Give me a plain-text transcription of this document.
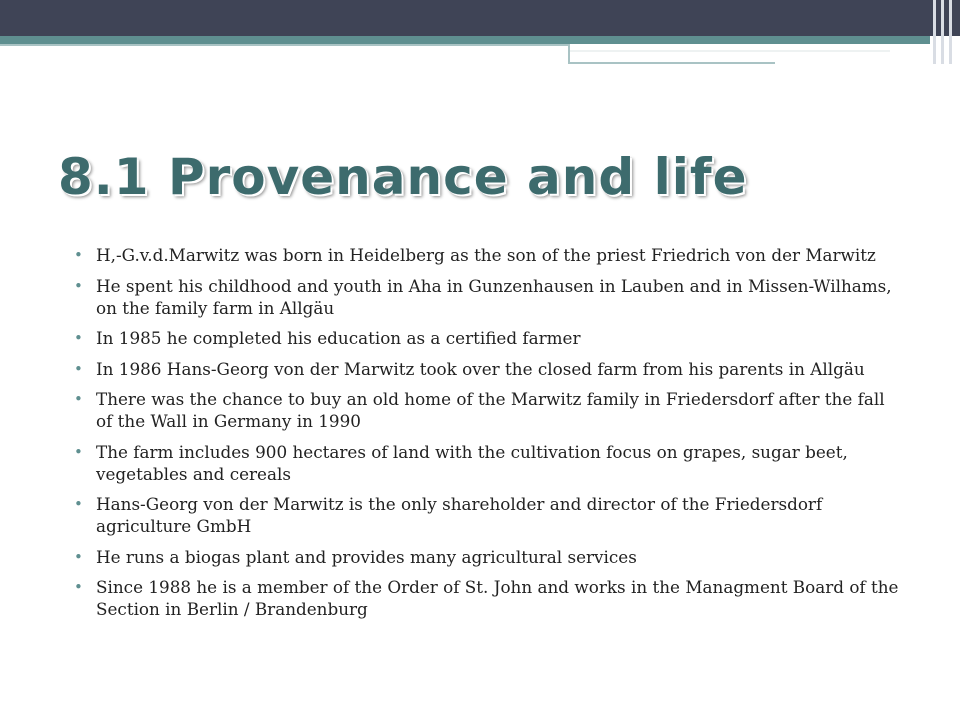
8.1 Provenance and life
• H,-G.v.d.Marwitz was born in Heidelberg as the son of the priest Friedrich von der Marwitz
• He spent his childhood and youth in Aha in Gunzenhausen in Lauben and in Missen-Wilhams, on the family farm in Allgäu
• In 1985 he completed his education as a certified farmer
• In 1986 Hans-Georg von der Marwitz took over the closed farm from his parents in Allgäu
• There was the chance to buy an old home of the Marwitz family in Friedersdorf after the fall of the Wall in Germany in 1990
• The farm includes 900 hectares of land with the cultivation focus on grapes, sugar beet, vegetables and cereals
• Hans-Georg von der Marwitz is the only shareholder and director of the Friedersdorf agriculture GmbH
• He runs a biogas plant and provides many agricultural services
• Since 1988 he is a member of the Order of St. John and works in the Managment Board of the Section in Berlin / Brandenburg
